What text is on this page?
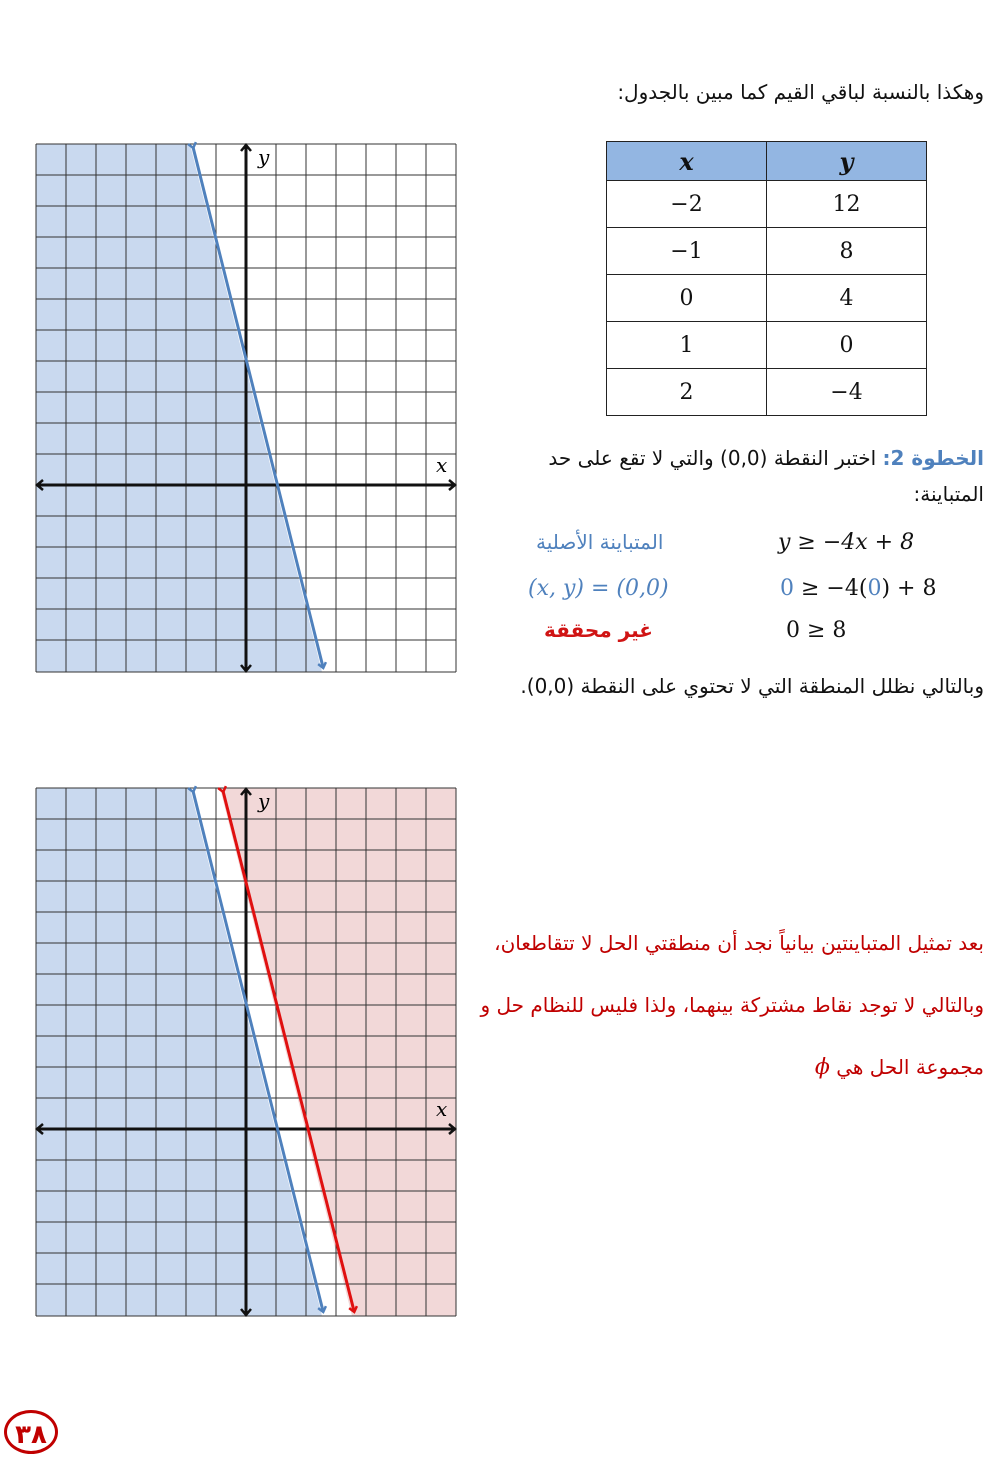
وهكذا بالنسبة لباقي القيم كما مبين بالجدول:
x	y
−2	12
−1	8
0	4
1	0
2	−4
الخطوة 2: اختبر النقطة (0,0) والتي لا تقع على حد المتباينة:
y ≥ −4x + 8
المتباينة الأصلية
0 ≥ −4(0) + 8
(x, y) = (0,0)
0 ≥ 8
غير محققة
وبالتالي نظلل المنطقة التي لا تحتوي على النقطة (0,0).
بعد تمثيل المتباينتين بيانياً نجد أن منطقتي الحل لا تتقاطعان،
وبالتالي لا توجد نقاط مشتركة بينهما، ولذا فليس للنظام حل و
مجموعة الحل هي ϕ
x
y
x
y
٣٨
